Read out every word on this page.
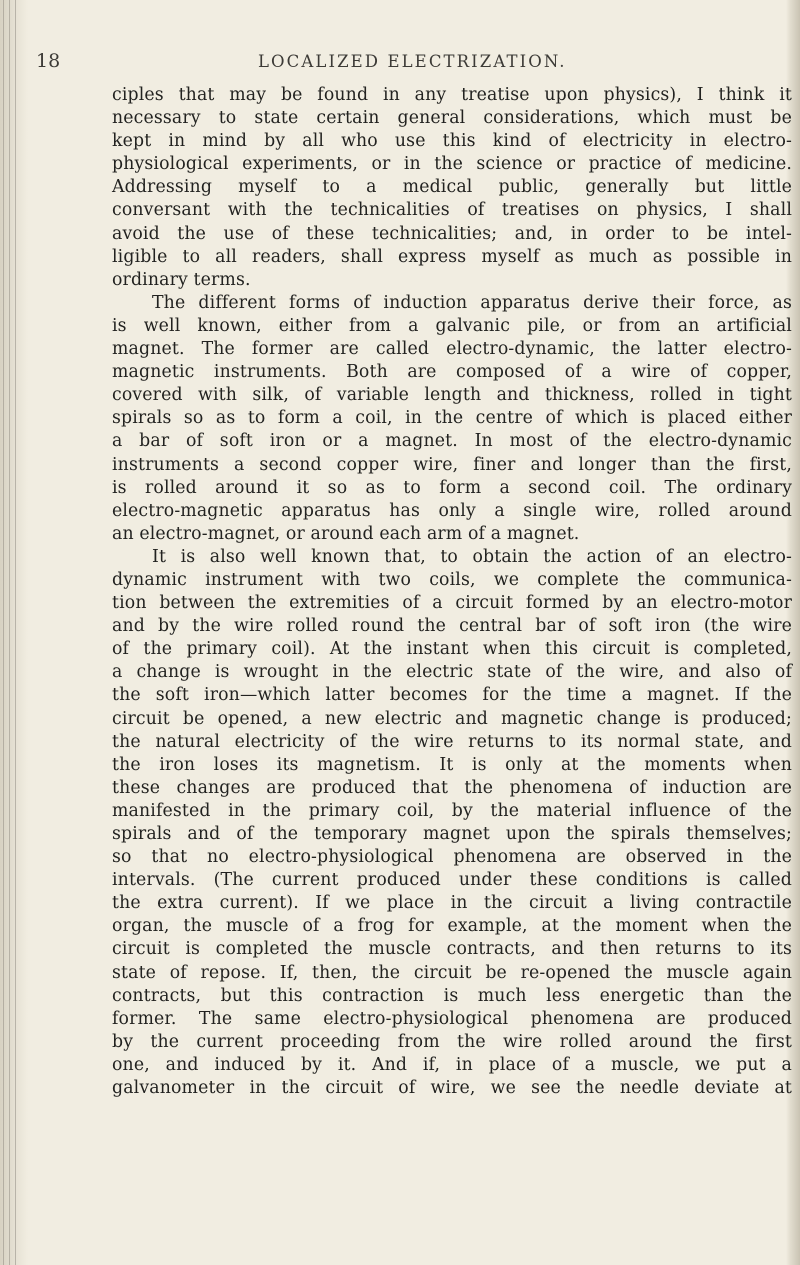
18	LOCALIZED ELECTRIZATION.
ciples that may be found in any treatise upon physics), I think it
necessary to state certain general considerations, which must be
kept in mind by all who use this kind of electricity in electro-
physiological experiments, or in the science or practice of medicine.
Addressing myself to a medical public, generally but little
conversant with the technicalities of treatises on physics, I shall
avoid the use of these technicalities; and, in order to be intel-
ligible to all readers, shall express myself as much as possible in
ordinary terms.
The different forms of induction apparatus derive their force, as
is well known, either from a galvanic pile, or from an artificial
magnet. The former are called electro-dynamic, the latter electro-
magnetic instruments. Both are composed of a wire of copper,
covered with silk, of variable length and thickness, rolled in tight
spirals so as to form a coil, in the centre of which is placed either
a bar of soft iron or a magnet. In most of the electro-dynamic
instruments a second copper wire, finer and longer than the first,
is rolled around it so as to form a second coil. The ordinary
electro-magnetic apparatus has only a single wire, rolled around
an electro-magnet, or around each arm of a magnet.
It is also well known that, to obtain the action of an electro-
dynamic instrument with two coils, we complete the communica-
tion between the extremities of a circuit formed by an electro-motor
and by the wire rolled round the central bar of soft iron (the wire
of the primary coil). At the instant when this circuit is completed,
a change is wrought in the electric state of the wire, and also of
the soft iron—which latter becomes for the time a magnet. If the
circuit be opened, a new electric and magnetic change is produced;
the natural electricity of the wire returns to its normal state, and
the iron loses its magnetism. It is only at the moments when
these changes are produced that the phenomena of induction are
manifested in the primary coil, by the material influence of the
spirals and of the temporary magnet upon the spirals themselves;
so that no electro-physiological phenomena are observed in the
intervals. (The current produced under these conditions is called
the extra current). If we place in the circuit a living contractile
organ, the muscle of a frog for example, at the moment when the
circuit is completed the muscle contracts, and then returns to its
state of repose. If, then, the circuit be re-opened the muscle again
contracts, but this contraction is much less energetic than the
former. The same electro-physiological phenomena are produced
by the current proceeding from the wire rolled around the first
one, and induced by it. And if, in place of a muscle, we put a
galvanometer in the circuit of wire, we see the needle deviate at
